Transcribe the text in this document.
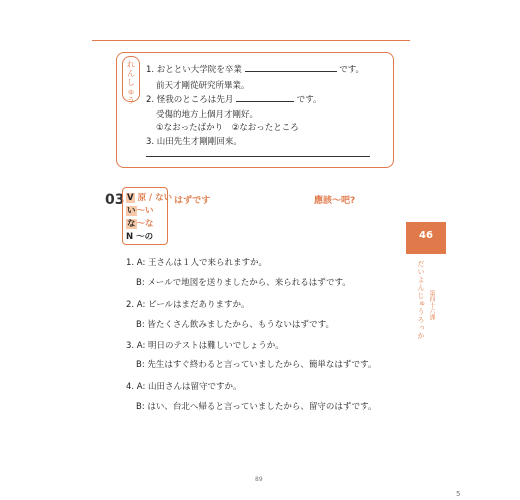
れんしゅう
1. おととい大学院を卒業	です。
前天才剛從研究所畢業。
2. 怪我のところは先月	です。
受傷的地方上個月才剛好。
①なおったばかり　②なおったところ
3. 山田先生才剛剛回來。
03 V 原 / ない
い〜い
な〜な
N 〜の
はずです	應該〜吧?
46
だいよんじゅうろっか 第四十六課
1. A: 王さんは１人で来られますか。
B: メールで地図を送りましたから、来られるはずです。
2. A: ビールはまだありますか。
B: 皆たくさん飲みましたから、もうないはずです。
3. A: 明日のテストは難しいでしょうか。
B: 先生はすぐ終わると言っていましたから、簡単なはずです。
4. A: 山田さんは留守ですか。
B: はい、台北へ帰ると言っていましたから、留守のはずです。
89
5
